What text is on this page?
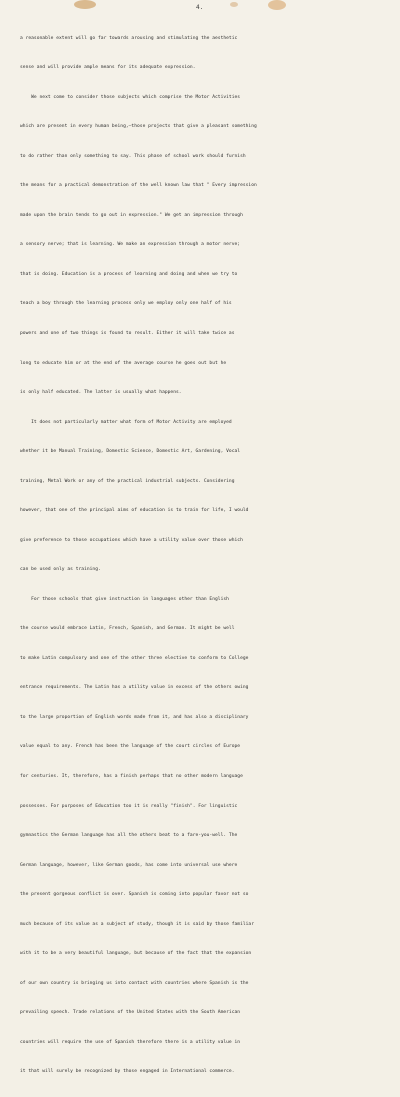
4.

a reasonable extent will go far towards arousing and stimulating the aesthetic

sense and will provide ample means for its adequate expression.

We next come to consider those subjects which comprise the Motor Activities

which are present in every human being,—those projects that give a pleasant something

to do rather than only something to say. This phase of school work should furnish

the means for a practical demonstration of the well known law that " Every impression

made upon the brain tends to go out in expression." We get an impression through

a sensory nerve; that is learning. We make an expression through a motor nerve;

that is doing. Education is a process of learning and doing and when we try to

teach a boy through the learning process only we employ only one half of his

powers and one of two things is found to result. Either it will take twice as

long to educate him or at the end of the average course he goes out but he

is only half educated. The latter is usually what happens.

It does not particularly matter what form of Motor Activity are employed

whether it be Manual Training, Domestic Science, Domestic Art, Gardening, Vocal

training, Metal Work or any of the practical industrial subjects. Considering

however, that one of the principal aims of education is to train for life, I would

give preference to those occupations which have a utility value over those which

can be used only as training.

For those schools that give instruction in languages other than English

the course would embrace Latin, French, Spanish, and German. It might be well

to make Latin compulsory and one of the other three elective to conform to College

entrance requirements. The Latin has a utility value in excess of the others owing

to the large proportion of English words made from it, and has also a disciplinary

value equal to any. French has been the language of the court circles of Europe

for centuries. It, therefore, has a finish perhaps that no other modern language

possesses. For purposes of Education too it is really "finish". For linguistic

gymnastics the German language has all the others beat to a fare-you-well. The

German language, however, like German goods, has come into universal use where

the present gorgeous conflict is over. Spanish is coming into popular favor not so

much because of its value as a subject of study, though it is said by those familiar

with it to be a very beautiful language, but because of the fact that the expansion

of our own country is bringing us into contact with countries where Spanish is the

prevailing speech. Trade relations of the United States with the South American

countries will require the use of Spanish therefore there is a utility value in

it that will surely be recognized by those engaged in International commerce.
